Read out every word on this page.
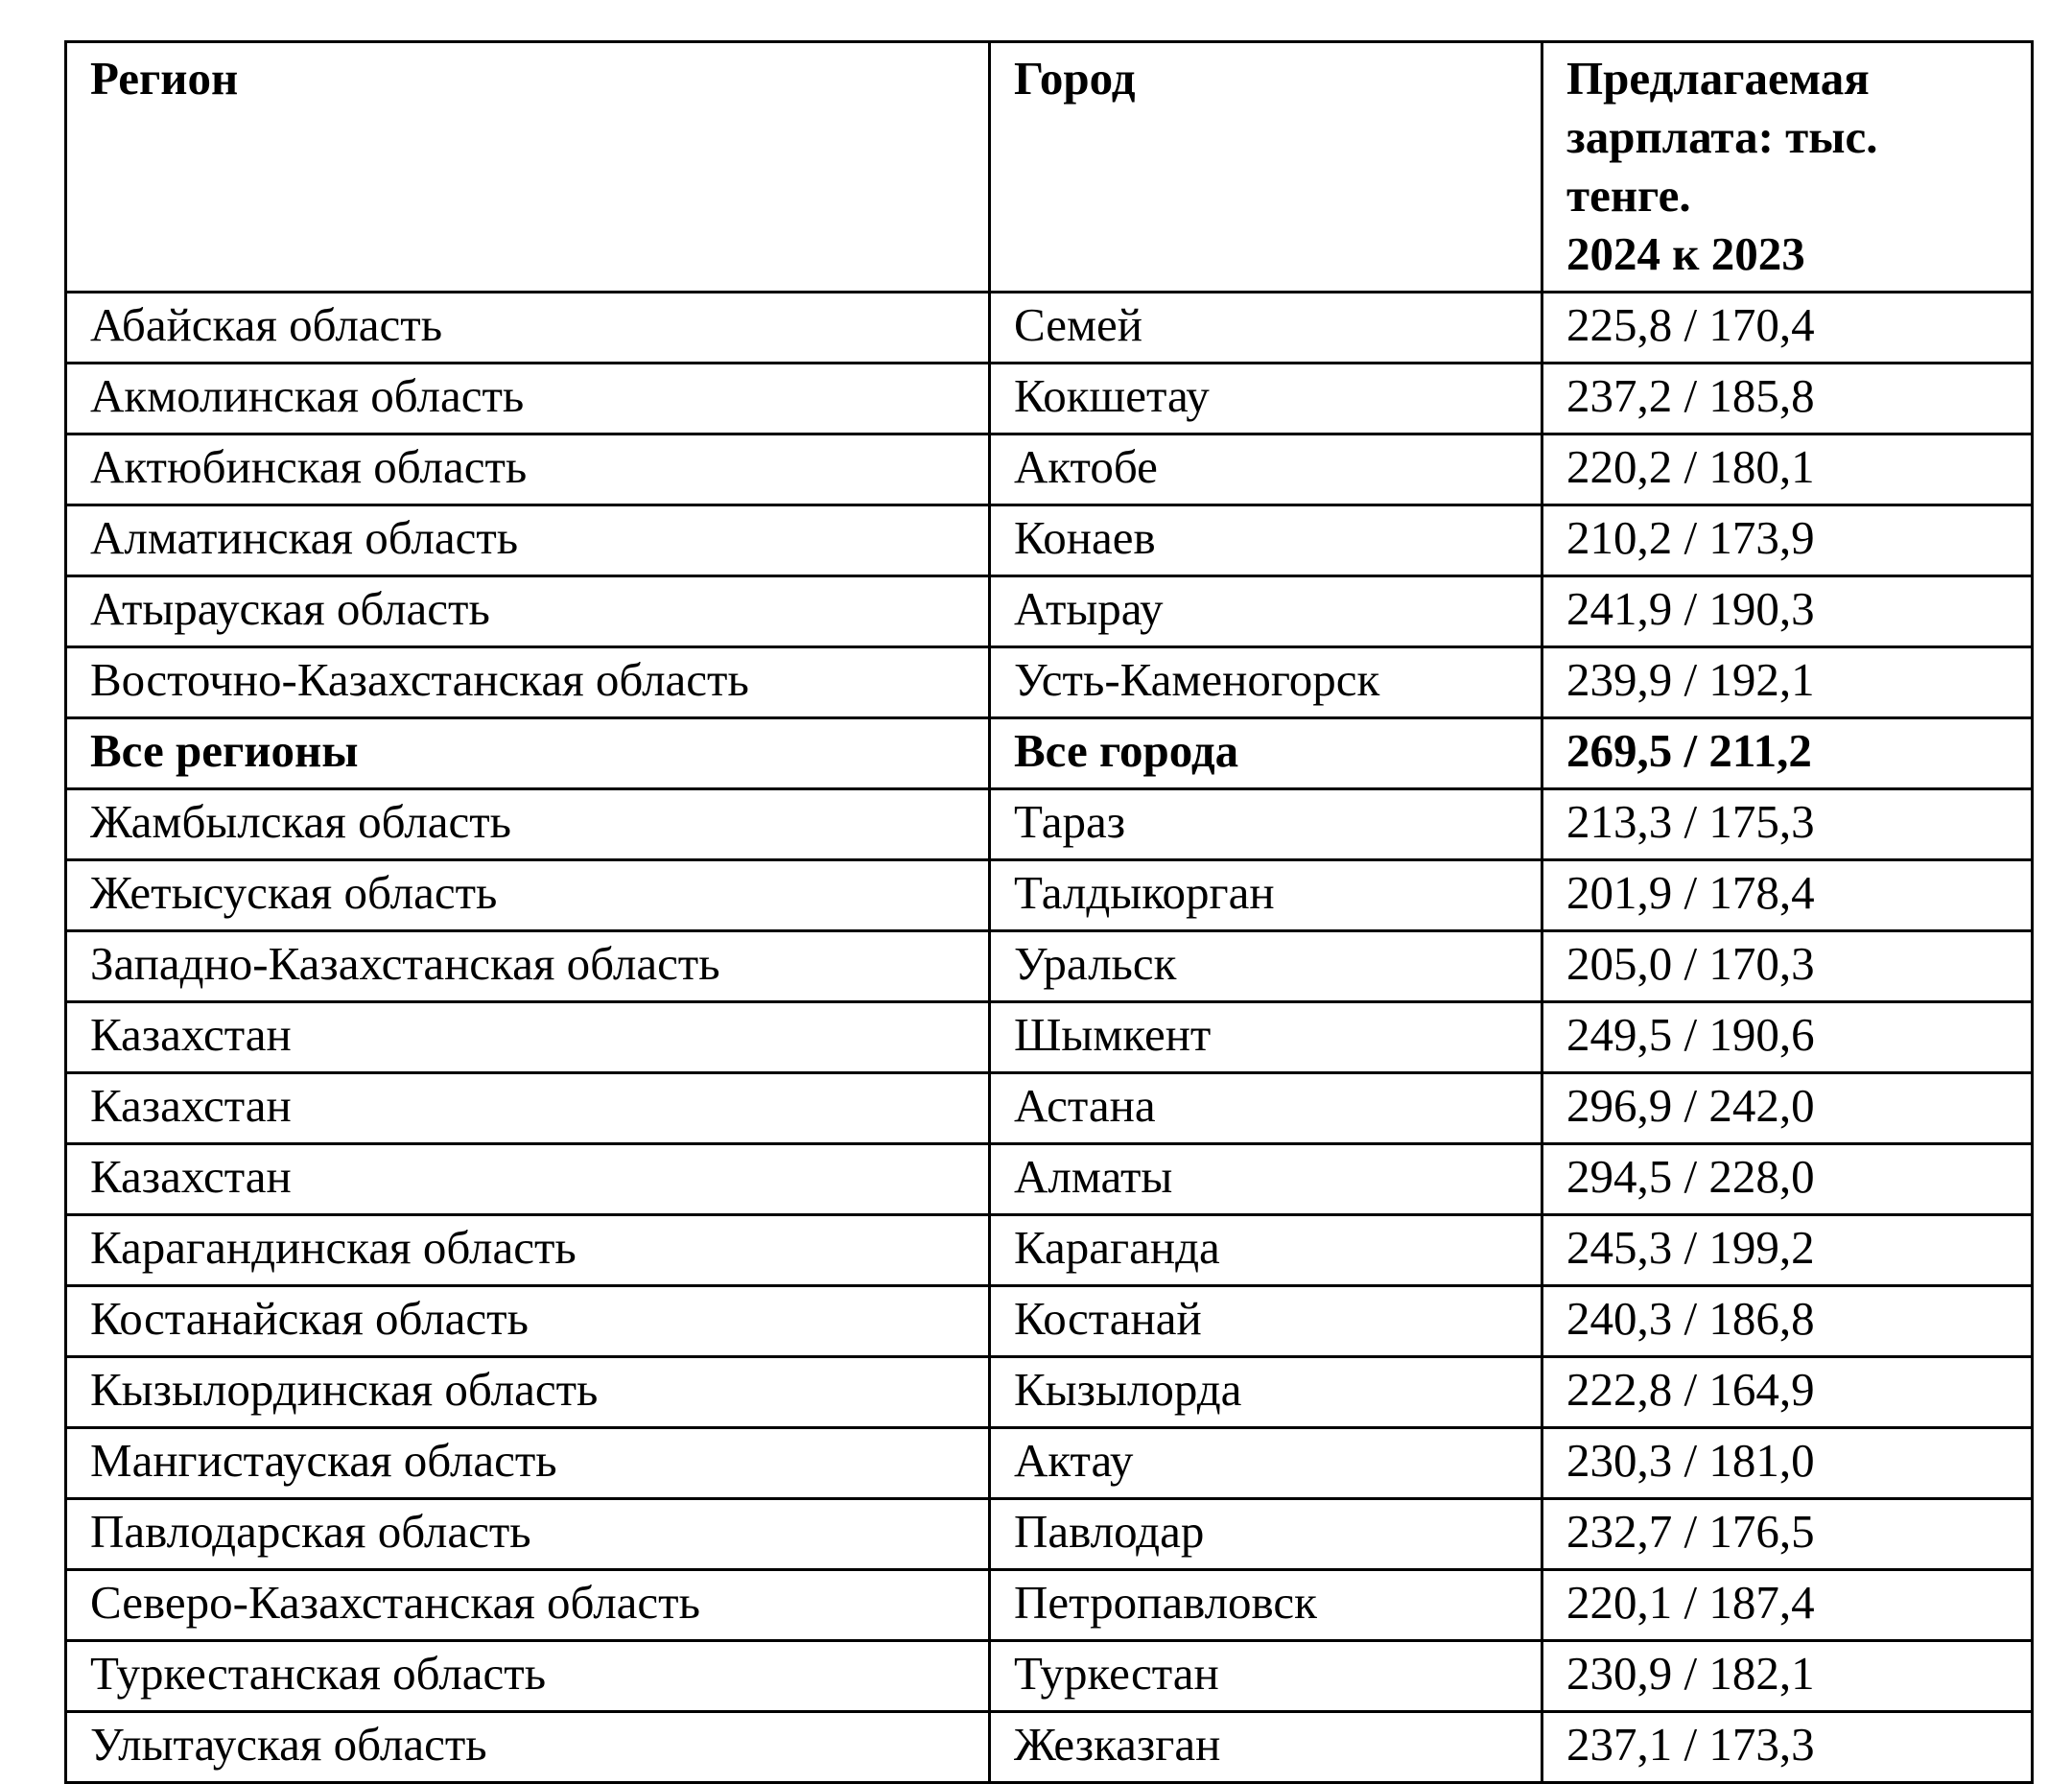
Регион	Город	Предлагаемая
зарплата: тыс.
тенге.
2024 к 2023

Абайская область	Семей	225,8 / 170,4
Акмолинская область	Кокшетау	237,2 / 185,8
Актюбинская область	Актобе	220,2 / 180,1
Алматинская область	Конаев	210,2 / 173,9
Атырауская область	Атырау	241,9 / 190,3
Восточно-Казахстанская область	Усть-Каменогорск	239,9 / 192,1
Все регионы	Все города	269,5 / 211,2
Жамбылская область	Тараз	213,3 / 175,3
Жетысуская область	Талдыкорган	201,9 / 178,4
Западно-Казахстанская область	Уральск	205,0 / 170,3
Казахстан	Шымкент	249,5 / 190,6
Казахстан	Астана	296,9 / 242,0
Казахстан	Алматы	294,5 / 228,0
Карагандинская область	Караганда	245,3 / 199,2
Костанайская область	Костанай	240,3 / 186,8
Кызылординская область	Кызылорда	222,8 / 164,9
Мангистауская область	Актау	230,3 / 181,0
Павлодарская область	Павлодар	232,7 / 176,5
Северо-Казахстанская область	Петропавловск	220,1 / 187,4
Туркестанская область	Туркестан	230,9 / 182,1
Улытауская область	Жезказган	237,1 / 173,3
